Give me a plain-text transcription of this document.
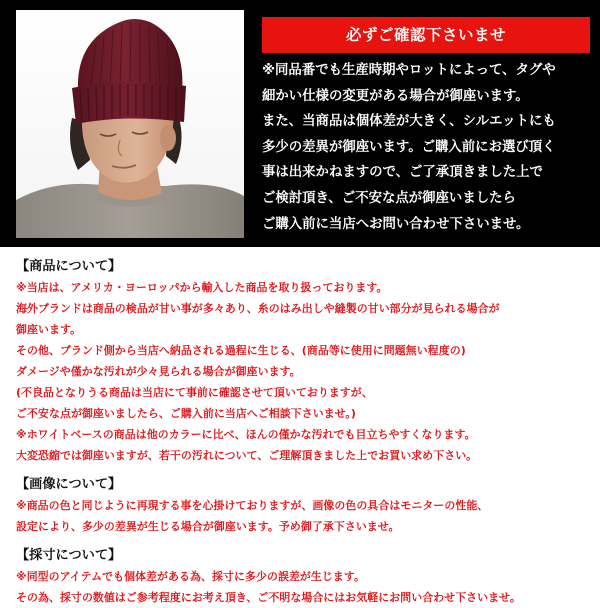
必ずご確認下さいませ
※同品番でも生産時期やロットによって、タグや
細かい仕様の変更がある場合が御座います。
また、当商品は個体差が大きく、シルエットにも
多少の差異が御座います。ご購入前にお選び頂く
事は出来かねますので、ご了承頂きました上で
ご検討頂き、ご不安な点が御座いましたら
ご購入前に当店へお問い合わせ下さいませ。
【商品について】
※当店は、アメリカ・ヨーロッパから輸入した商品を取り扱っております。
海外ブランドは商品の検品が甘い事が多々あり、糸のはみ出しや縫製の甘い部分が見られる場合が
御座います。
その他、ブランド側から当店へ納品される過程に生じる、(商品等に使用に問題無い程度の)
ダメージや僅かな汚れが少々見られる場合が御座います。
(不良品となりうる商品は当店にて事前に確認させて頂いておりますが、
ご不安な点が御座いましたら、ご購入前に当店へご相談下さいませ。)
※ホワイトベースの商品は他のカラーに比べ、ほんの僅かな汚れでも目立ちやすくなります。
大変恐縮では御座いますが、若干の汚れについて、ご理解頂きました上でお買い求め下さい。
【画像について】
※商品の色と同じように再現する事を心掛けておりますが、画像の色の具合はモニターの性能、
設定により、多少の差異が生じる場合が御座います。予め御了承下さいませ。
【採寸について】
※同型のアイテムでも個体差がある為、採寸に多少の誤差が生じます。
その為、採寸の数値はご参考程度にお考え頂き、ご不明な場合にはお気軽にお問い合わせ下さいませ。
